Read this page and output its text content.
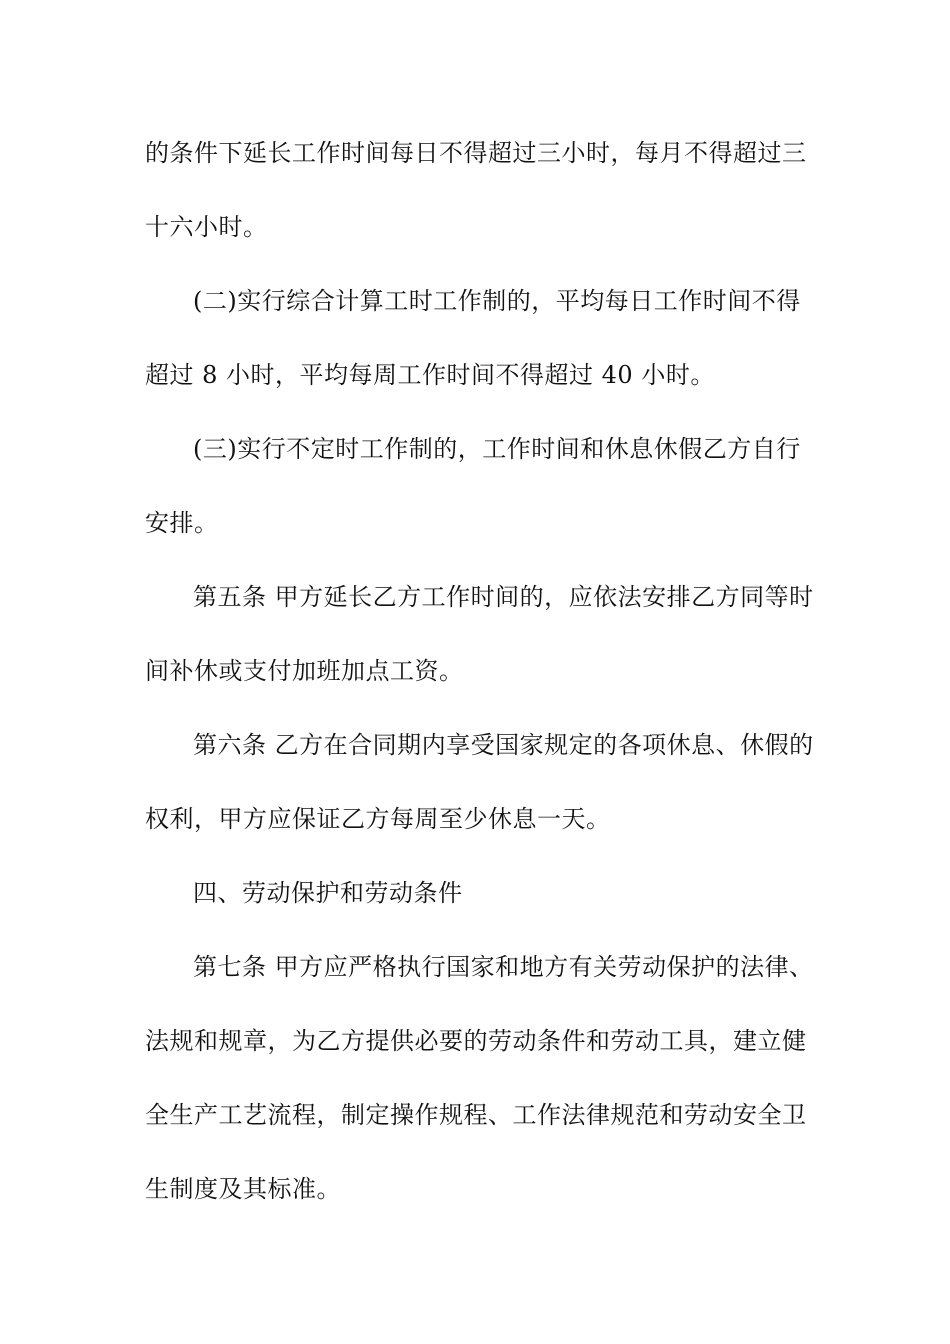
的条件下延长工作时间每日不得超过三小时，每月不得超过三
十六小时。
(二)实行综合计算工时工作制的，平均每日工作时间不得
超过 8 小时，平均每周工作时间不得超过 40 小时。
(三)实行不定时工作制的，工作时间和休息休假乙方自行
安排。
第五条 甲方延长乙方工作时间的，应依法安排乙方同等时
间补休或支付加班加点工资。
第六条 乙方在合同期内享受国家规定的各项休息、休假的
权利，甲方应保证乙方每周至少休息一天。
四、劳动保护和劳动条件
第七条 甲方应严格执行国家和地方有关劳动保护的法律、
法规和规章，为乙方提供必要的劳动条件和劳动工具，建立健
全生产工艺流程，制定操作规程、工作法律规范和劳动安全卫
生制度及其标准。
